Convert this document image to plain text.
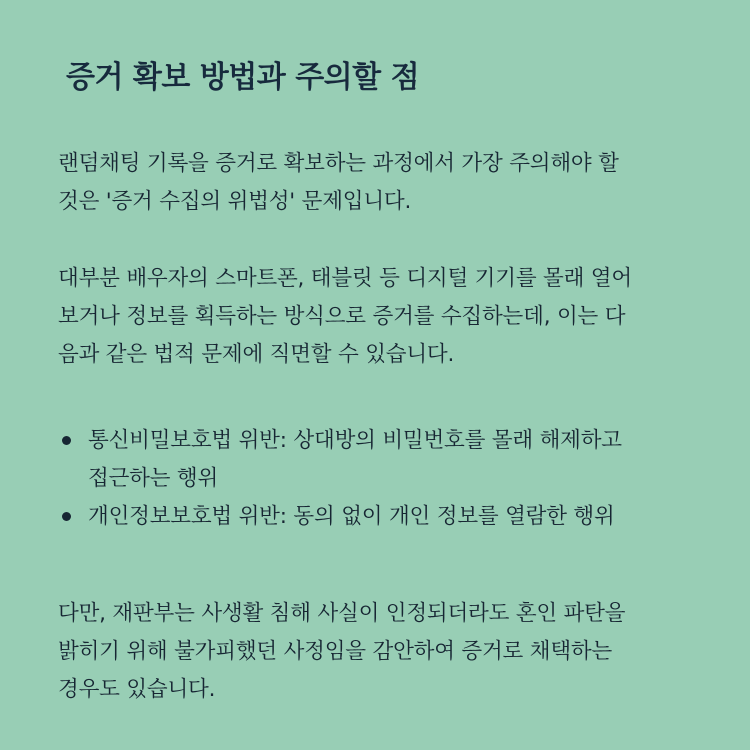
증거 확보 방법과 주의할 점

랜덤채팅 기록을 증거로 확보하는 과정에서 가장 주의해야 할
것은 '증거 수집의 위법성' 문제입니다.

대부분 배우자의 스마트폰, 태블릿 등 디지털 기기를 몰래 열어
보거나 정보를 획득하는 방식으로 증거를 수집하는데, 이는 다
음과 같은 법적 문제에 직면할 수 있습니다.

통신비밀보호법 위반: 상대방의 비밀번호를 몰래 해제하고
접근하는 행위
개인정보보호법 위반: 동의 없이 개인 정보를 열람한 행위

다만, 재판부는 사생활 침해 사실이 인정되더라도 혼인 파탄을
밝히기 위해 불가피했던 사정임을 감안하여 증거로 채택하는
경우도 있습니다.
